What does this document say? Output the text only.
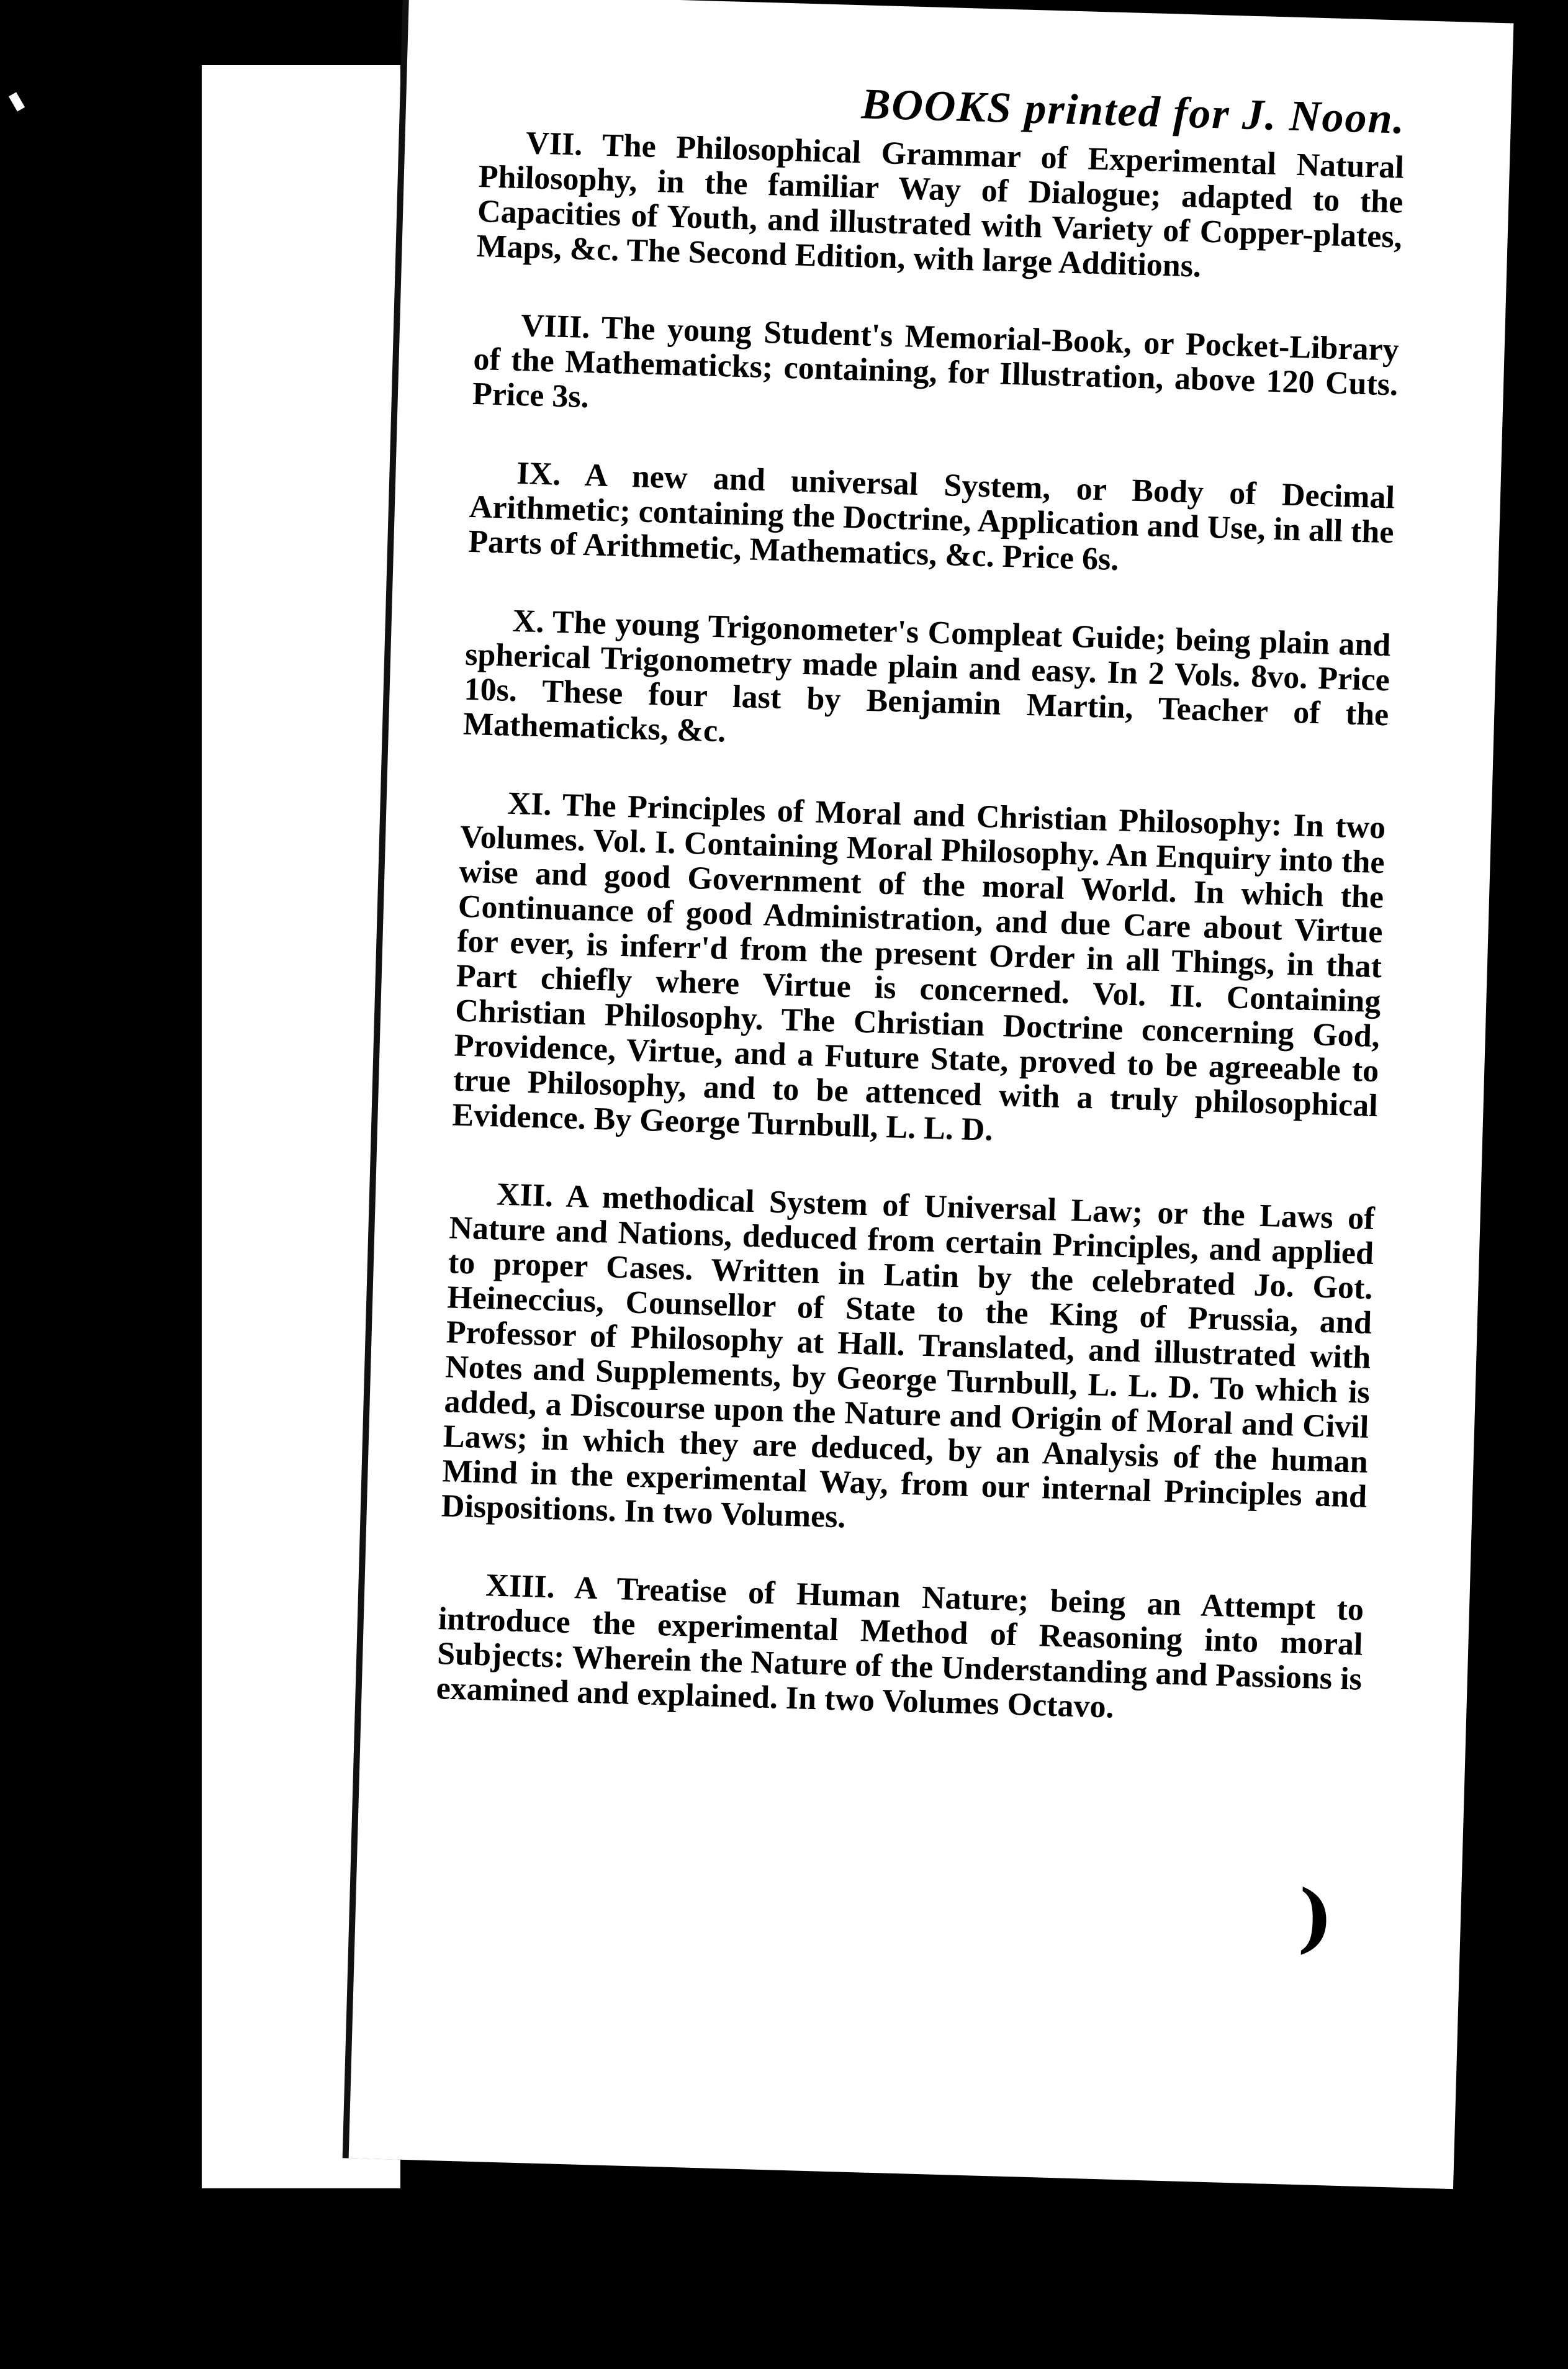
BOOKS printed for J. Noon.

VII. The Philosophical Grammar of Experimental Natural Philosophy, in the familiar Way of Dialogue; adapted to the Capacities of Youth, and illustrated with Variety of Copper-plates, Maps, &c. The Second Edition, with large Additions.

VIII. The young Student's Memorial-Book, or Pocket-Library of the Mathematicks; containing, for Illustration, above 120 Cuts. Price 3s.

IX. A new and universal System, or Body of Decimal Arithmetic; containing the Doctrine, Application and Use, in all the Parts of Arithmetic, Mathematics, &c. Price 6s.

X. The young Trigonometer's Compleat Guide; being plain and spherical Trigonometry made plain and easy. In 2 Vols. 8vo. Price 10s. These four last by Benjamin Martin, Teacher of the Mathematicks, &c.

XI. The Principles of Moral and Christian Philosophy: In two Volumes. Vol. I. Containing Moral Philosophy. An Enquiry into the wise and good Government of the moral World. In which the Continuance of good Administration, and due Care about Virtue for ever, is inferr'd from the present Order in all Things, in that Part chiefly where Virtue is concerned. Vol. II. Containing Christian Philosophy. The Christian Doctrine concerning God, Providence, Virtue, and a Future State, proved to be agreeable to true Philosophy, and to be attenced with a truly philosophical Evidence. By George Turnbull, L. L. D.

XII. A methodical System of Universal Law; or the Laws of Nature and Nations, deduced from certain Principles, and applied to proper Cases. Written in Latin by the celebrated Jo. Got. Heineccius, Counsellor of State to the King of Prussia, and Professor of Philosophy at Hall. Translated, and illustrated with Notes and Supplements, by George Turnbull, L. L. D. To which is added, a Discourse upon the Nature and Origin of Moral and Civil Laws; in which they are deduced, by an Analysis of the human Mind in the experimental Way, from our internal Principles and Dispositions. In two Volumes.

XIII. A Treatise of Human Nature; being an Attempt to introduce the experimental Method of Reasoning into moral Subjects: Wherein the Nature of the Understanding and Passions is examined and explained. In two Volumes Octavo.

)
